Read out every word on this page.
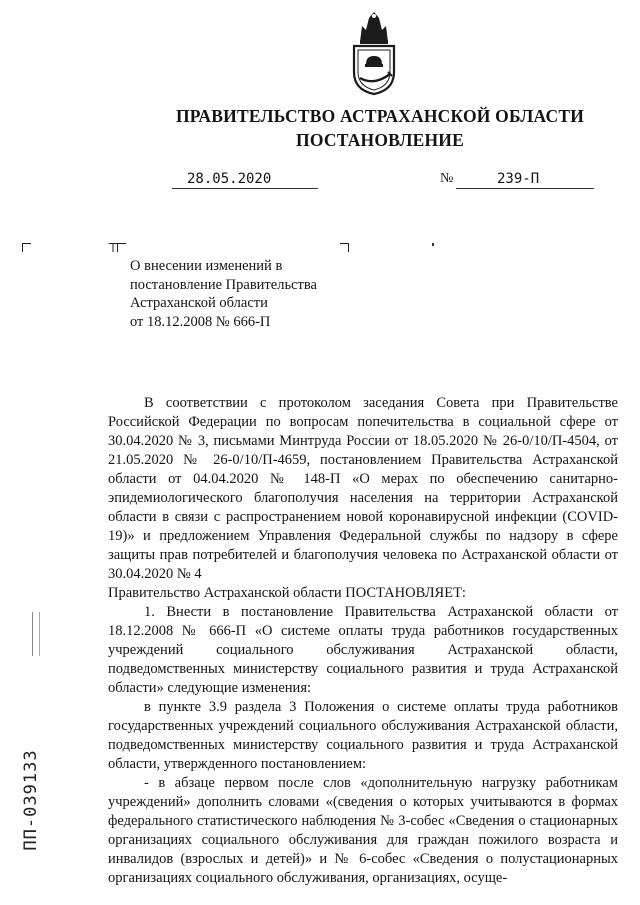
ПРАВИТЕЛЬСТВО АСТРАХАНСКОЙ ОБЛАСТИ
ПОСТАНОВЛЕНИЕ
28.05.2020	№	239-П
О внесении изменений в
постановление Правительства
Астраханской области
от 18.12.2008 № 666-П

В соответствии с протоколом заседания Совета при Правительстве Российской Федерации по вопросам попечительства в социальной сфере от 30.04.2020 № 3, письмами Минтруда России от 18.05.2020 № 26-0/10/П-4504, от 21.05.2020 № 26-0/10/П-4659, постановлением Правительства Астраханской области от 04.04.2020 № 148-П «О мерах по обеспечению санитарно-эпидемиологического благополучия населения на территории Астраханской области в связи с распространением новой коронавирусной инфекции (COVID-19)» и предложением Управления Федеральной службы по надзору в сфере защиты прав потребителей и благополучия человека по Астраханской области от 30.04.2020 № 4

Правительство Астраханской области ПОСТАНОВЛЯЕТ:

1. Внести в постановление Правительства Астраханской области от 18.12.2008 № 666-П «О системе оплаты труда работников государственных учреждений социального обслуживания Астраханской области, подведомственных министерству социального развития и труда Астраханской области» следующие изменения:

в пункте 3.9 раздела 3 Положения о системе оплаты труда работников государственных учреждений социального обслуживания Астраханской области, подведомственных министерству социального развития и труда Астраханской области, утвержденного постановлением:

- в абзаце первом после слов «дополнительную нагрузку работникам учреждений» дополнить словами «(сведения о которых учитываются в формах федерального статистического наблюдения № 3-собес «Сведения о стационарных организациях социального обслуживания для граждан пожилого возраста и инвалидов (взрослых и детей)» и № 6-собес «Сведения о полустационарных организациях социального обслуживания, организациях, осуще-

ПП-039133
